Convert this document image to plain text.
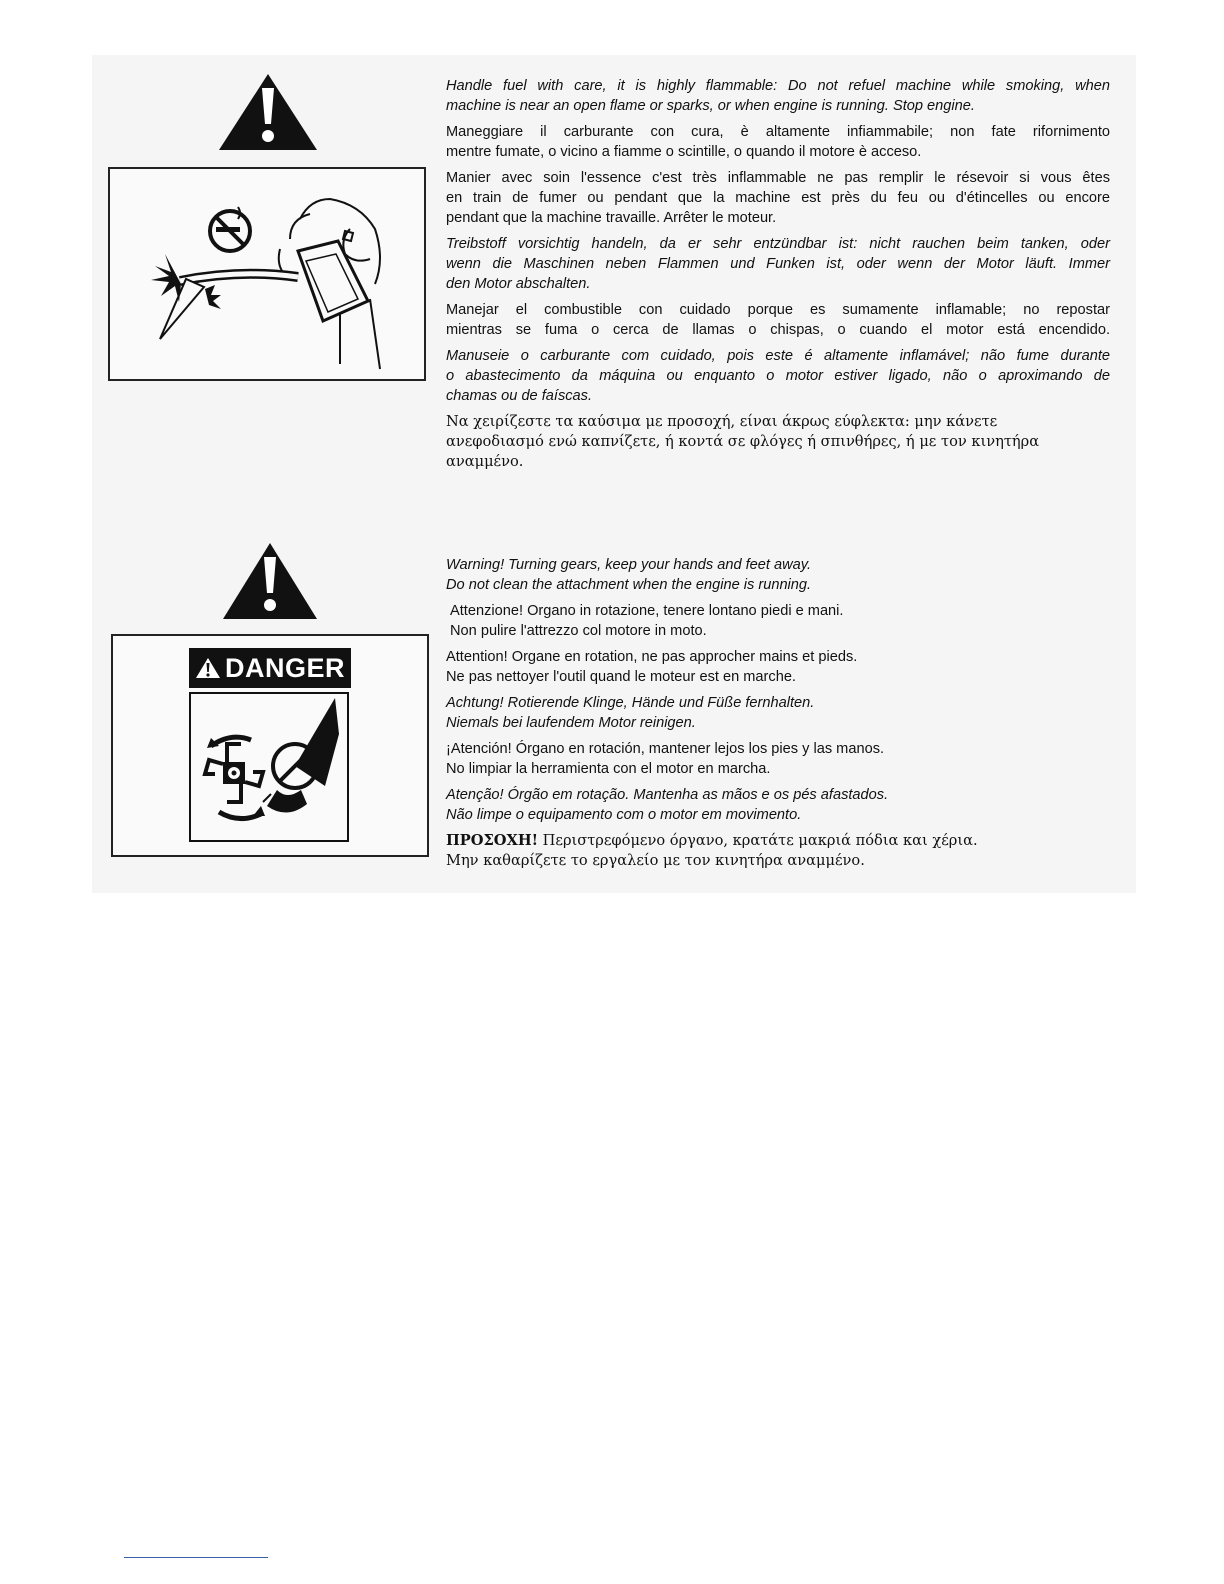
Handle fuel with care, it is highly flammable: Do not refuel machine while smoking, when
machine is near an open flame or sparks, or when engine is running. Stop engine.

Maneggiare il carburante con cura, è altamente infiammabile; non fate rifornimento
mentre fumate, o vicino a fiamme o scintille, o quando il motore è acceso.

Manier avec soin l'essence c'est très inflammable ne pas remplir le résevoir si vous êtes
en train de fumer ou pendant que la machine est près du feu ou d'étincelles ou encore
pendant que la machine travaille. Arrêter le moteur.

Treibstoff vorsichtig handeln, da er sehr entzündbar ist: nicht rauchen beim tanken, oder
wenn die Maschinen neben Flammen und Funken ist, oder wenn der Motor läuft. Immer
den Motor abschalten.

Manejar el combustible con cuidado porque es sumamente inflamable; no repostar
mientras se fuma o cerca de llamas o chispas, o cuando el motor está encendido.

Manuseie o carburante com cuidado, pois este é altamente inflamável; não fume durante
o abastecimento da máquina ou enquanto o motor estiver ligado, não o aproximando de
chamas ou de faíscas.

Να χειρίζεστε τα καύσιμα με προσοχή, είναι άκρως εύφλεκτα: μην κάνετε
ανεφοδιασμό ενώ καπνίζετε, ή κοντά σε φλόγες ή σπινθήρες, ή με τον κινητήρα
αναμμένο.

DANGER

Warning! Turning gears, keep your hands and feet away.
Do not clean the attachment when the engine is running.

Attenzione! Organo in rotazione, tenere lontano piedi e mani.
Non pulire l'attrezzo col motore in moto.

Attention! Organe en rotation, ne pas approcher mains et pieds.
Ne pas nettoyer l'outil quand le moteur est en marche.

Achtung! Rotierende Klinge, Hände und Füße fernhalten.
Niemals bei laufendem Motor reinigen.

¡Atención! Órgano en rotación, mantener lejos los pies y las manos.
No limpiar la herramienta con el motor en marcha.

Atenção! Órgão em rotação. Mantenha as mãos e os pés afastados.
Não limpe o equipamento com o motor em movimento.

ΠΡΟΣΟΧΗ! Περιστρεφόμενο όργανο, κρατάτε μακριά πόδια και χέρια.
Μην καθαρίζετε το εργαλείο με τον κινητήρα αναμμένο.
